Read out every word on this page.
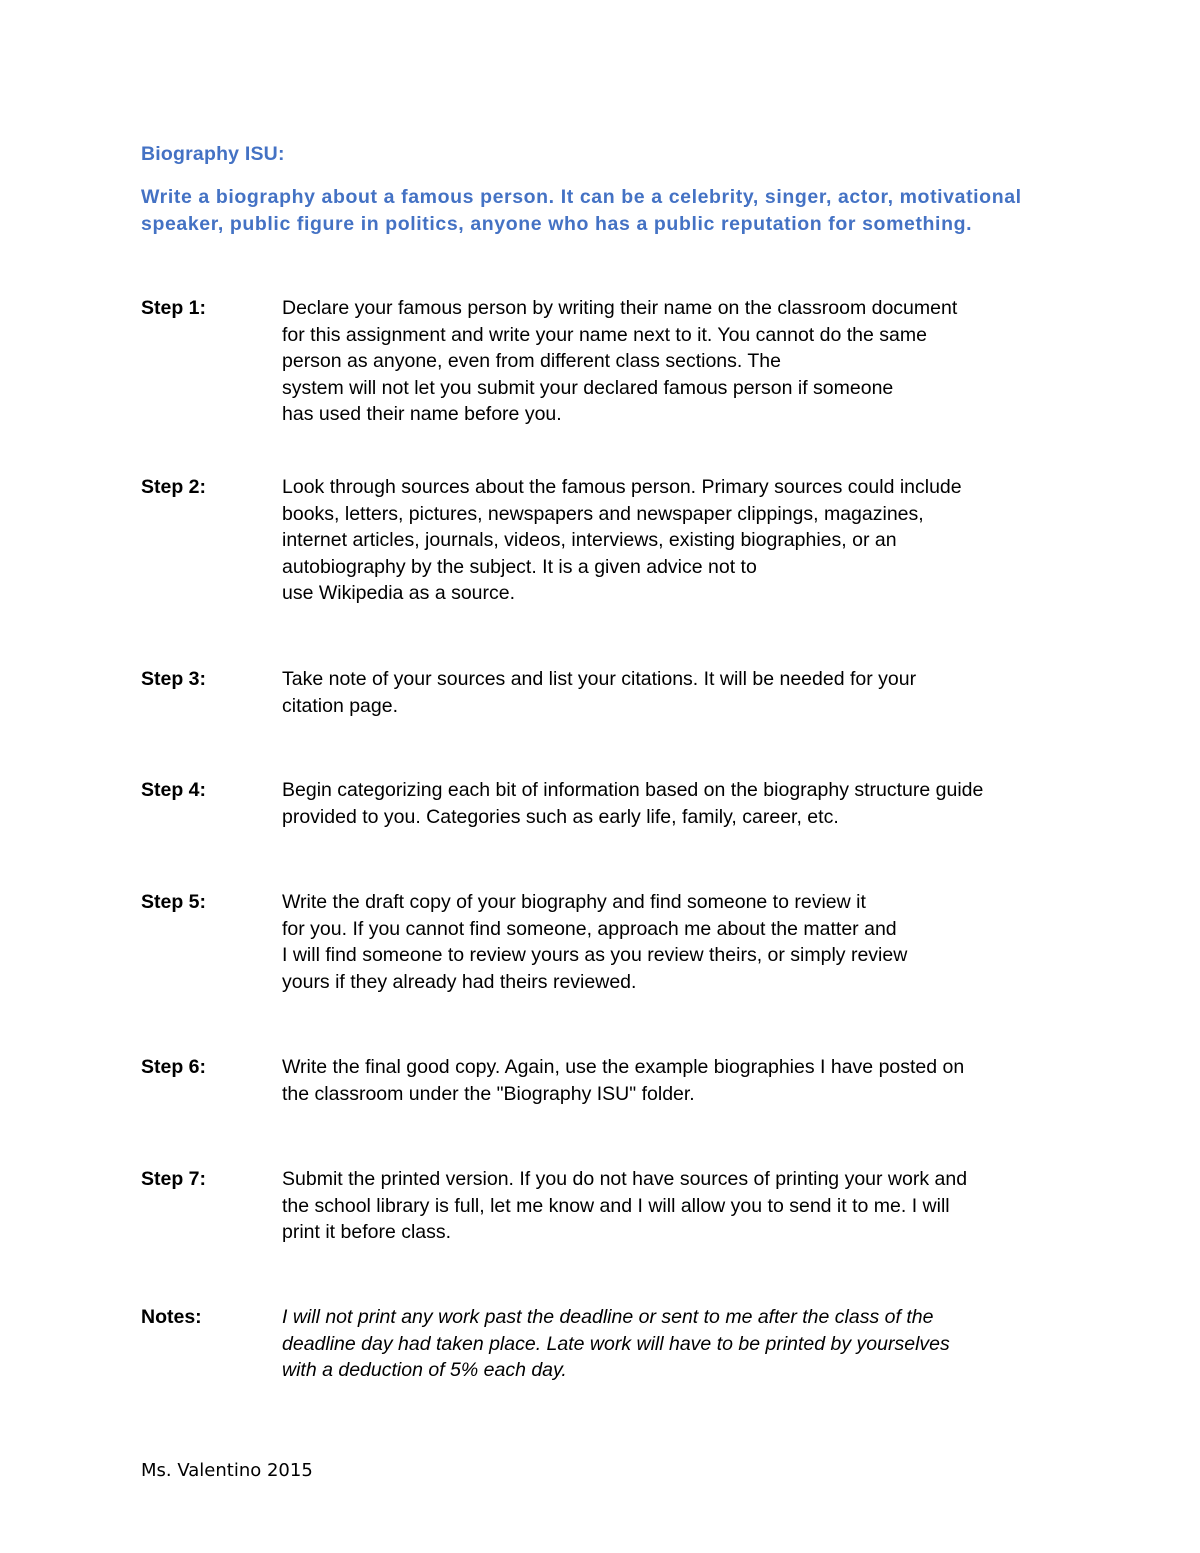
Biography ISU:
Write a biography about a famous person. It can be a celebrity, singer, actor, motivational
speaker, public figure in politics, anyone who has a public reputation for something.
Step 1:	Declare your famous person by writing their name on the classroom document
for this assignment and write your name next to it. You cannot do the same
person as anyone, even from different class sections. The
system will not let you submit your declared famous person if someone
has used their name before you.
Step 2:	Look through sources about the famous person. Primary sources could include
books, letters, pictures, newspapers and newspaper clippings, magazines,
internet articles, journals, videos, interviews, existing biographies, or an
autobiography by the subject. It is a given advice not to
use Wikipedia as a source.
Step 3:	Take note of your sources and list your citations. It will be needed for your
citation page.
Step 4:	Begin categorizing each bit of information based on the biography structure guide
provided to you. Categories such as early life, family, career, etc.
Step 5:	Write the draft copy of your biography and find someone to review it
for you. If you cannot find someone, approach me about the matter and
I will find someone to review yours as you review theirs, or simply review
yours if they already had theirs reviewed.
Step 6:	Write the final good copy. Again, use the example biographies I have posted on
the classroom under the "Biography ISU" folder.
Step 7:	Submit the printed version. If you do not have sources of printing your work and
the school library is full, let me know and I will allow you to send it to me. I will
print it before class.
Notes:	I will not print any work past the deadline or sent to me after the class of the
deadline day had taken place. Late work will have to be printed by yourselves
with a deduction of 5% each day.
Ms. Valentino 2015
